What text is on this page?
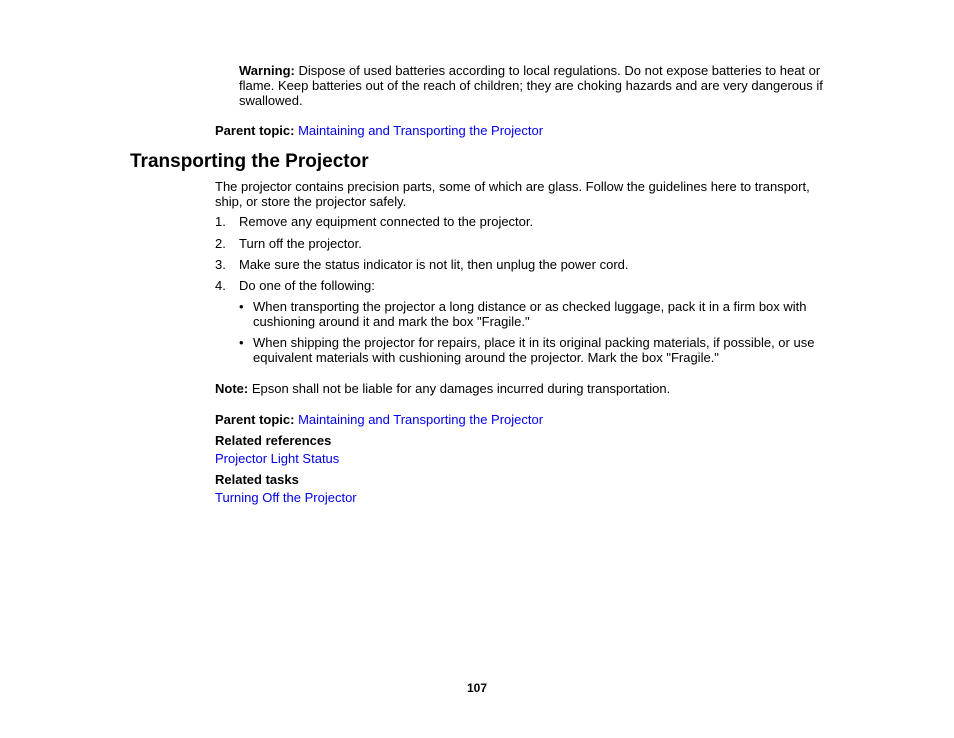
Warning: Dispose of used batteries according to local regulations. Do not expose batteries to heat or flame. Keep batteries out of the reach of children; they are choking hazards and are very dangerous if swallowed.
Parent topic: Maintaining and Transporting the Projector
Transporting the Projector
The projector contains precision parts, some of which are glass. Follow the guidelines here to transport, ship, or store the projector safely.
1. Remove any equipment connected to the projector.
2. Turn off the projector.
3. Make sure the status indicator is not lit, then unplug the power cord.
4. Do one of the following:
• When transporting the projector a long distance or as checked luggage, pack it in a firm box with cushioning around it and mark the box "Fragile."
• When shipping the projector for repairs, place it in its original packing materials, if possible, or use equivalent materials with cushioning around the projector. Mark the box "Fragile."
Note: Epson shall not be liable for any damages incurred during transportation.
Parent topic: Maintaining and Transporting the Projector
Related references
Projector Light Status
Related tasks
Turning Off the Projector
107
